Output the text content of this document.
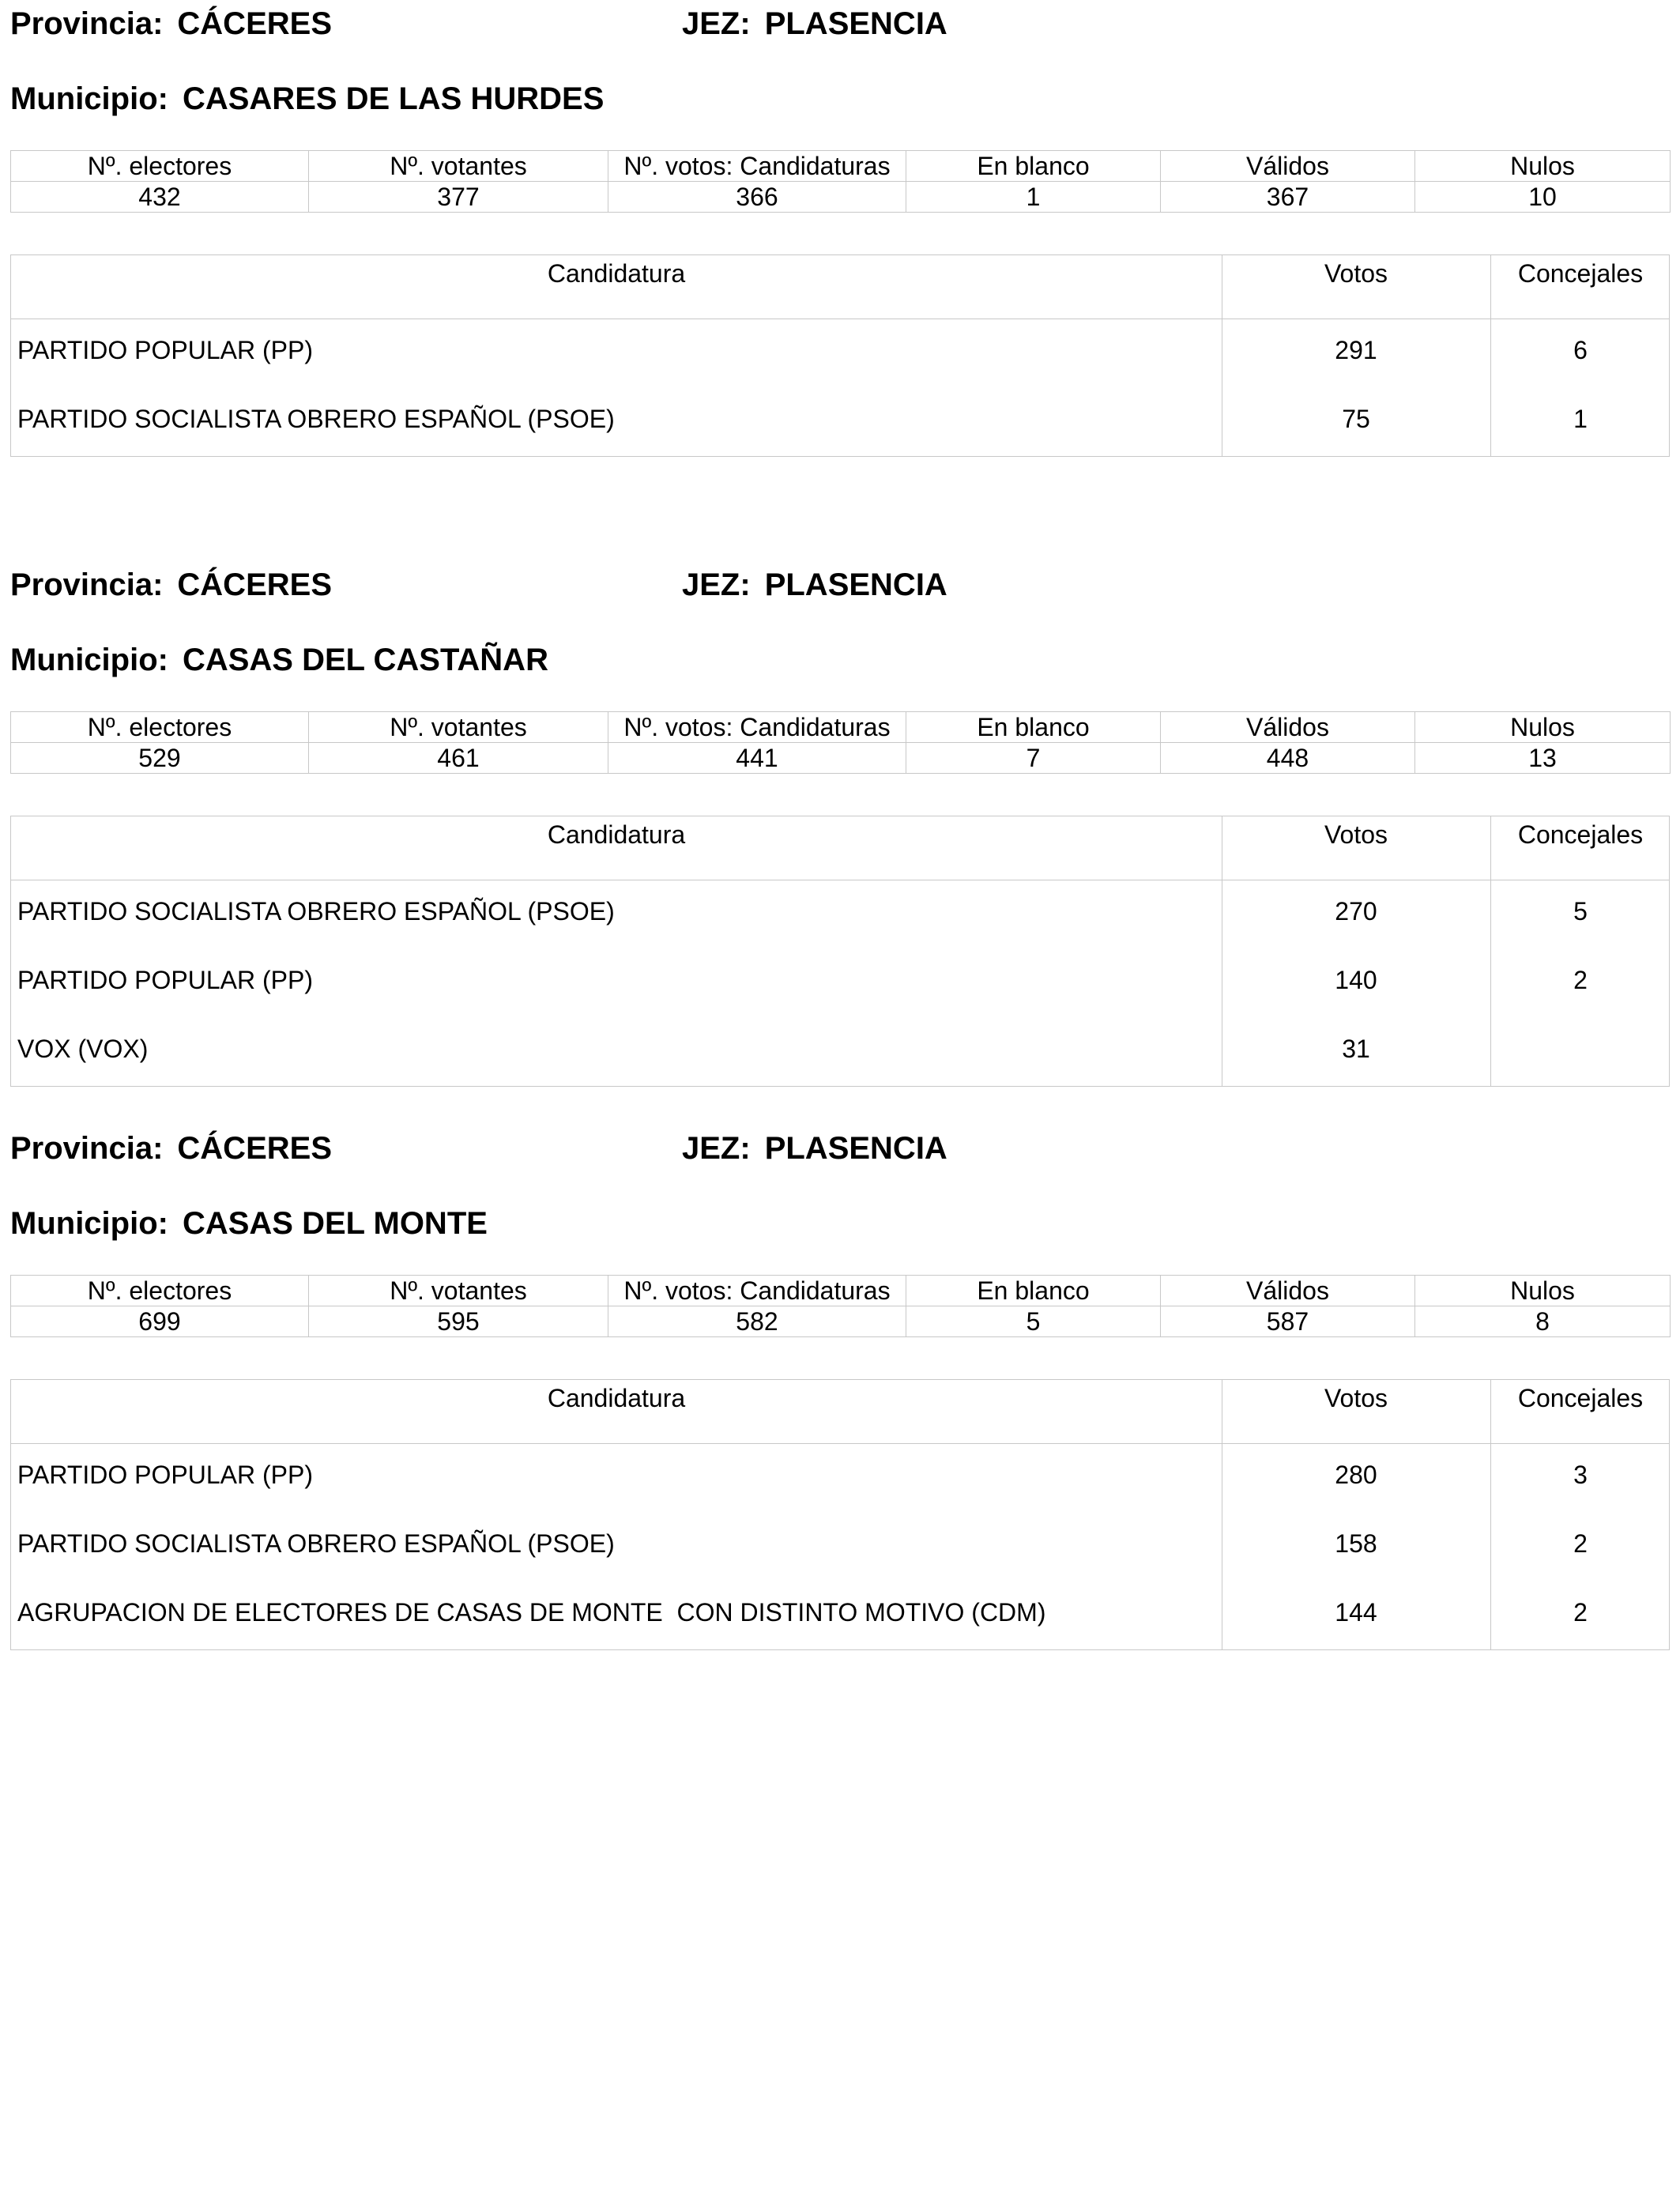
Provincia: CÁCERES	JEZ: PLASENCIA
Municipio: CASARES DE LAS HURDES
Nº. electores	Nº. votantes	Nº. votos: Candidaturas	En blanco	Válidos	Nulos
432	377	366	1	367	10
Candidatura	Votos	Concejales
PARTIDO POPULAR (PP)	291	6
PARTIDO SOCIALISTA OBRERO ESPAÑOL (PSOE)	75	1
Provincia: CÁCERES	JEZ: PLASENCIA
Municipio: CASAS DEL CASTAÑAR
Nº. electores	Nº. votantes	Nº. votos: Candidaturas	En blanco	Válidos	Nulos
529	461	441	7	448	13
Candidatura	Votos	Concejales
PARTIDO SOCIALISTA OBRERO ESPAÑOL (PSOE)	270	5
PARTIDO POPULAR (PP)	140	2
VOX (VOX)	31
Provincia: CÁCERES	JEZ: PLASENCIA
Municipio: CASAS DEL MONTE
Nº. electores	Nº. votantes	Nº. votos: Candidaturas	En blanco	Válidos	Nulos
699	595	582	5	587	8
Candidatura	Votos	Concejales
PARTIDO POPULAR (PP)	280	3
PARTIDO SOCIALISTA OBRERO ESPAÑOL (PSOE)	158	2
AGRUPACION DE ELECTORES DE CASAS DE MONTE  CON DISTINTO MOTIVO (CDM)	144	2
